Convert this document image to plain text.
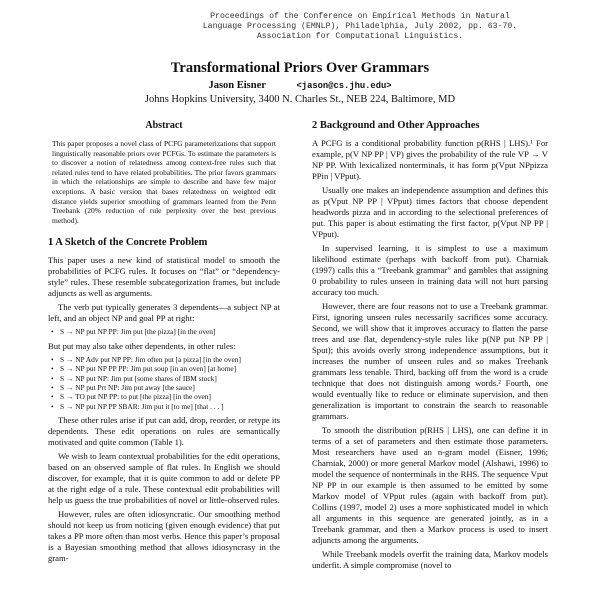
Proceedings of the Conference on Empirical Methods in Natural
Language Processing (EMNLP), Philadelphia, July 2002, pp. 63-70.
Association for Computational Linguistics.
Transformational Priors Over Grammars
Jason Eisner	<jason@cs.jhu.edu>
Johns Hopkins University, 3400 N. Charles St., NEB 224, Baltimore, MD
Abstract
This paper proposes a novel class of PCFG parameterizations that support linguistically reasonable priors over PCFGs. To estimate the parameters is to discover a notion of relatedness among context-free rules such that related rules tend to have related probabilities. The prior favors grammars in which the relationships are simple to describe and have few major exceptions. A basic version that bases relatedness on weighted edit distance yields superior smoothing of grammars learned from the Penn Treebank (20% reduction of rule perplexity over the best previous method).
1 A Sketch of the Concrete Problem

This paper uses a new kind of statistical model to smooth the probabilities of PCFG rules. It focuses on “flat” or “dependency-style” rules. These resemble subcategorization frames, but include adjuncts as well as arguments.

The verb put typically generates 3 dependents—a subject NP at left, and an object NP and goal PP at right:

• S → NP put NP PP: Jim put [the pizza] [in the oven]

But put may also take other dependents, in other rules:

• S → NP Adv put NP PP: Jim often put [a pizza] [in the oven]
• S → NP put NP PP PP: Jim put soup [in an oven] [at home]
• S → NP put NP: Jim put [some shares of IBM stock]
• S → NP put Prt NP: Jim put away [the sauce]
• S → TO put NP PP: to put [the pizza] [in the oven]
• S → NP put NP PP SBAR: Jim put it [to me] [that . . . ]

These other rules arise if put can add, drop, reorder, or retype its dependents. These edit operations on rules are semantically motivated and quite common (Table 1).

We wish to learn contextual probabilities for the edit operations, based on an observed sample of flat rules. In English we should discover, for example, that it is quite common to add or delete PP at the right edge of a rule. These contextual edit probabilities will help us guess the true probabilities of novel or little-observed rules.

However, rules are often idiosyncratic. Our smoothing method should not keep us from noticing (given enough evidence) that put takes a PP more often than most verbs. Hence this paper’s proposal is a Bayesian smoothing method that allows idiosyncrasy in the gram-

2 Background and Other Approaches

A PCFG is a conditional probability function p(RHS | LHS).¹ For example, p(V NP PP | VP) gives the probability of the rule VP → V NP PP. With lexicalized nonterminals, it has form p(Vput NPpizza PPin | VPput).

Usually one makes an independence assumption and defines this as p(Vput NP PP | VPput) times factors that choose dependent headwords pizza and in according to the selectional preferences of put. This paper is about estimating the first factor, p(Vput NP PP | VPput).

In supervised learning, it is simplest to use a maximum likelihood estimate (perhaps with backoff from put). Charniak (1997) calls this a “Treebank grammar” and gambles that assigning 0 probability to rules unseen in training data will not hurt parsing accuracy too much.

However, there are four reasons not to use a Treebank grammar. First, ignoring unseen rules necessarily sacrifices some accuracy. Second, we will show that it improves accuracy to flatten the parse trees and use flat, dependency-style rules like p(NP put NP PP | Sput); this avoids overly strong independence assumptions, but it increases the number of unseen rules and so makes Treebank grammars less tenable. Third, backing off from the word is a crude technique that does not distinguish among words.² Fourth, one would eventually like to reduce or eliminate supervision, and then generalization is important to constrain the search to reasonable grammars.

To smooth the distribution p(RHS | LHS), one can define it in terms of a set of parameters and then estimate those parameters. Most researchers have used an n-gram model (Eisner, 1996; Charniak, 2000) or more general Markov model (Alshawi, 1996) to model the sequence of nonterminals in the RHS. The sequence Vput NP PP in our example is then assumed to be emitted by some Markov model of VPput rules (again with backoff from put). Collins (1997, model 2) uses a more sophisticated model in which all arguments in this sequence are generated jointly, as in a Treebank grammar, and then a Markov process is used to insert adjuncts among the arguments.

While Treebank models overfit the training data, Markov models underfit. A simple compromise (novel to
